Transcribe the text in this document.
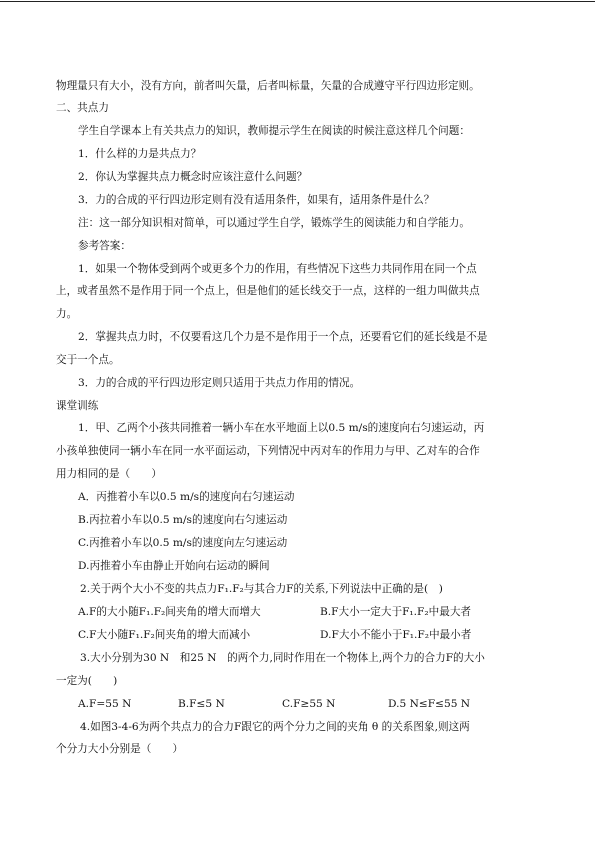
物理量只有大小，没有方向，前者叫矢量，后者叫标量，矢量的合成遵守平行四边形定则。
二、共点力
学生自学课本上有关共点力的知识，教师提示学生在阅读的时候注意这样几个问题：
1．什么样的力是共点力？
2．你认为掌握共点力概念时应该注意什么问题？
3．力的合成的平行四边形定则有没有适用条件，如果有，适用条件是什么？
注：这一部分知识相对简单，可以通过学生自学，锻炼学生的阅读能力和自学能力。
参考答案：
1．如果一个物体受到两个或更多个力的作用，有些情况下这些力共同作用在同一个点
上，或者虽然不是作用于同一个点上，但是他们的延长线交于一点，这样的一组力叫做共点
力。
2．掌握共点力时，不仅要看这几个力是不是作用于一个点，还要看它们的延长线是不是
交于一个点。
3．力的合成的平行四边形定则只适用于共点力作用的情况。
课堂训练
1．甲、乙两个小孩共同推着一辆小车在水平地面上以0.5 m/s的速度向右匀速运动，丙
小孩单独使同一辆小车在同一水平面运动，下列情况中丙对车的作用力与甲、乙对车的合作
用力相同的是（　　）
A．丙推着小车以0.5 m/s的速度向右匀速运动
B.丙拉着小车以0.5 m/s的速度向右匀速运动
C.丙推着小车以0.5 m/s的速度向左匀速运动
D.丙推着小车由静止开始向右运动的瞬间
2.关于两个大小不变的共点力F₁.F₂与其合力F的关系,下列说法中正确的是(　)
A.F的大小随F₁.F₂间夹角的增大而增大	B.F大小一定大于F₁.F₂中最大者
C.F大小随F₁.F₂间夹角的增大而减小	D.F大小不能小于F₁.F₂中最小者
3.大小分别为30 N　和25 N　的两个力,同时作用在一个物体上,两个力的合力F的大小
一定为(　　)
A.F=55 N	B.F≤5 N	C.F≥55 N	D.5 N≤F≤55 N
4.如图3-4-6为两个共点力的合力F跟它的两个分力之间的夹角 θ 的关系图象,则这两
个分力大小分别是（　　）
